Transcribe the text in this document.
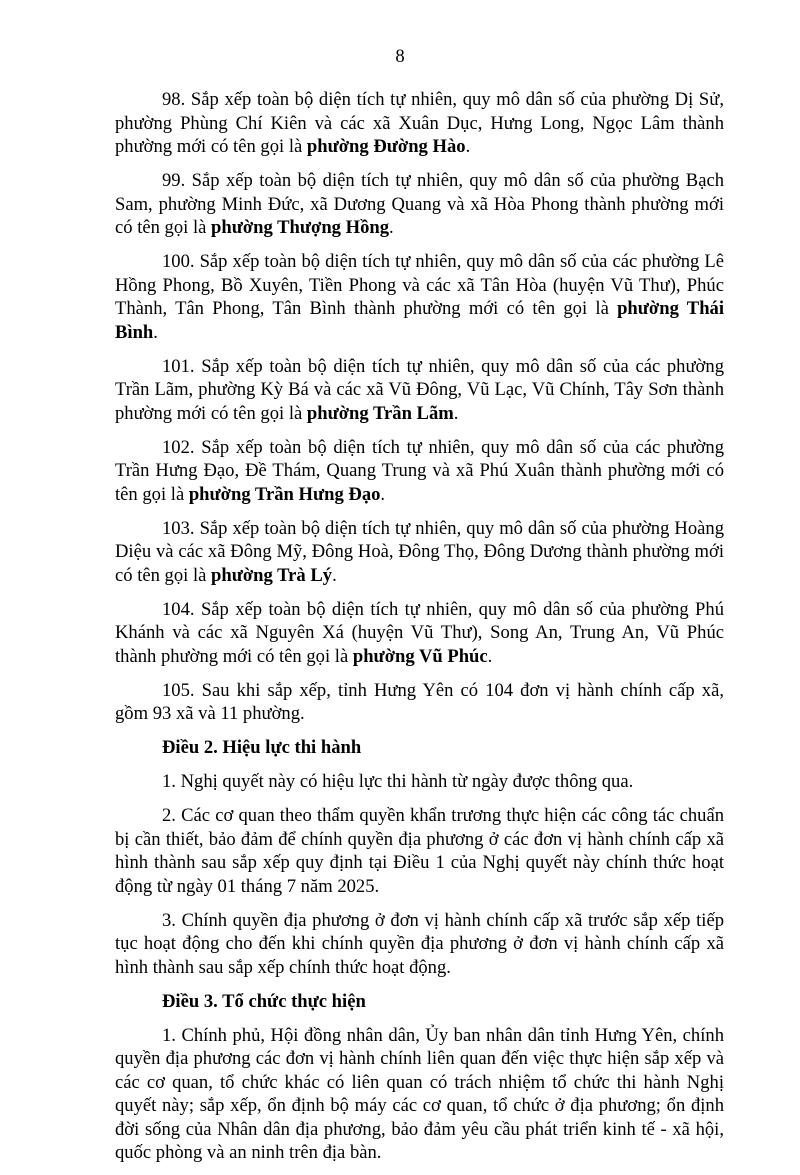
8

98. Sắp xếp toàn bộ diện tích tự nhiên, quy mô dân số của phường Dị Sử, phường Phùng Chí Kiên và các xã Xuân Dục, Hưng Long, Ngọc Lâm thành phường mới có tên gọi là phường Đường Hào.

99. Sắp xếp toàn bộ diện tích tự nhiên, quy mô dân số của phường Bạch Sam, phường Minh Đức, xã Dương Quang và xã Hòa Phong thành phường mới có tên gọi là phường Thượng Hồng.

100. Sắp xếp toàn bộ diện tích tự nhiên, quy mô dân số của các phường Lê Hồng Phong, Bồ Xuyên, Tiền Phong và các xã Tân Hòa (huyện Vũ Thư), Phúc Thành, Tân Phong, Tân Bình thành phường mới có tên gọi là phường Thái Bình.

101. Sắp xếp toàn bộ diện tích tự nhiên, quy mô dân số của các phường Trần Lãm, phường Kỳ Bá và các xã Vũ Đông, Vũ Lạc, Vũ Chính, Tây Sơn thành phường mới có tên gọi là phường Trần Lãm.

102. Sắp xếp toàn bộ diện tích tự nhiên, quy mô dân số của các phường Trần Hưng Đạo, Đề Thám, Quang Trung và xã Phú Xuân thành phường mới có tên gọi là phường Trần Hưng Đạo.

103. Sắp xếp toàn bộ diện tích tự nhiên, quy mô dân số của phường Hoàng Diệu và các xã Đông Mỹ, Đông Hoà, Đông Thọ, Đông Dương thành phường mới có tên gọi là phường Trà Lý.

104. Sắp xếp toàn bộ diện tích tự nhiên, quy mô dân số của phường Phú Khánh và các xã Nguyên Xá (huyện Vũ Thư), Song An, Trung An, Vũ Phúc thành phường mới có tên gọi là phường Vũ Phúc.

105. Sau khi sắp xếp, tỉnh Hưng Yên có 104 đơn vị hành chính cấp xã, gồm 93 xã và 11 phường.

Điều 2. Hiệu lực thi hành

1. Nghị quyết này có hiệu lực thi hành từ ngày được thông qua.

2. Các cơ quan theo thẩm quyền khẩn trương thực hiện các công tác chuẩn bị cần thiết, bảo đảm để chính quyền địa phương ở các đơn vị hành chính cấp xã hình thành sau sắp xếp quy định tại Điều 1 của Nghị quyết này chính thức hoạt động từ ngày 01 tháng 7 năm 2025.

3. Chính quyền địa phương ở đơn vị hành chính cấp xã trước sắp xếp tiếp tục hoạt động cho đến khi chính quyền địa phương ở đơn vị hành chính cấp xã hình thành sau sắp xếp chính thức hoạt động.

Điều 3. Tổ chức thực hiện

1. Chính phủ, Hội đồng nhân dân, Ủy ban nhân dân tỉnh Hưng Yên, chính quyền địa phương các đơn vị hành chính liên quan đến việc thực hiện sắp xếp và các cơ quan, tổ chức khác có liên quan có trách nhiệm tổ chức thi hành Nghị quyết này; sắp xếp, ổn định bộ máy các cơ quan, tổ chức ở địa phương; ổn định đời sống của Nhân dân địa phương, bảo đảm yêu cầu phát triển kinh tế - xã hội, quốc phòng và an ninh trên địa bàn.
